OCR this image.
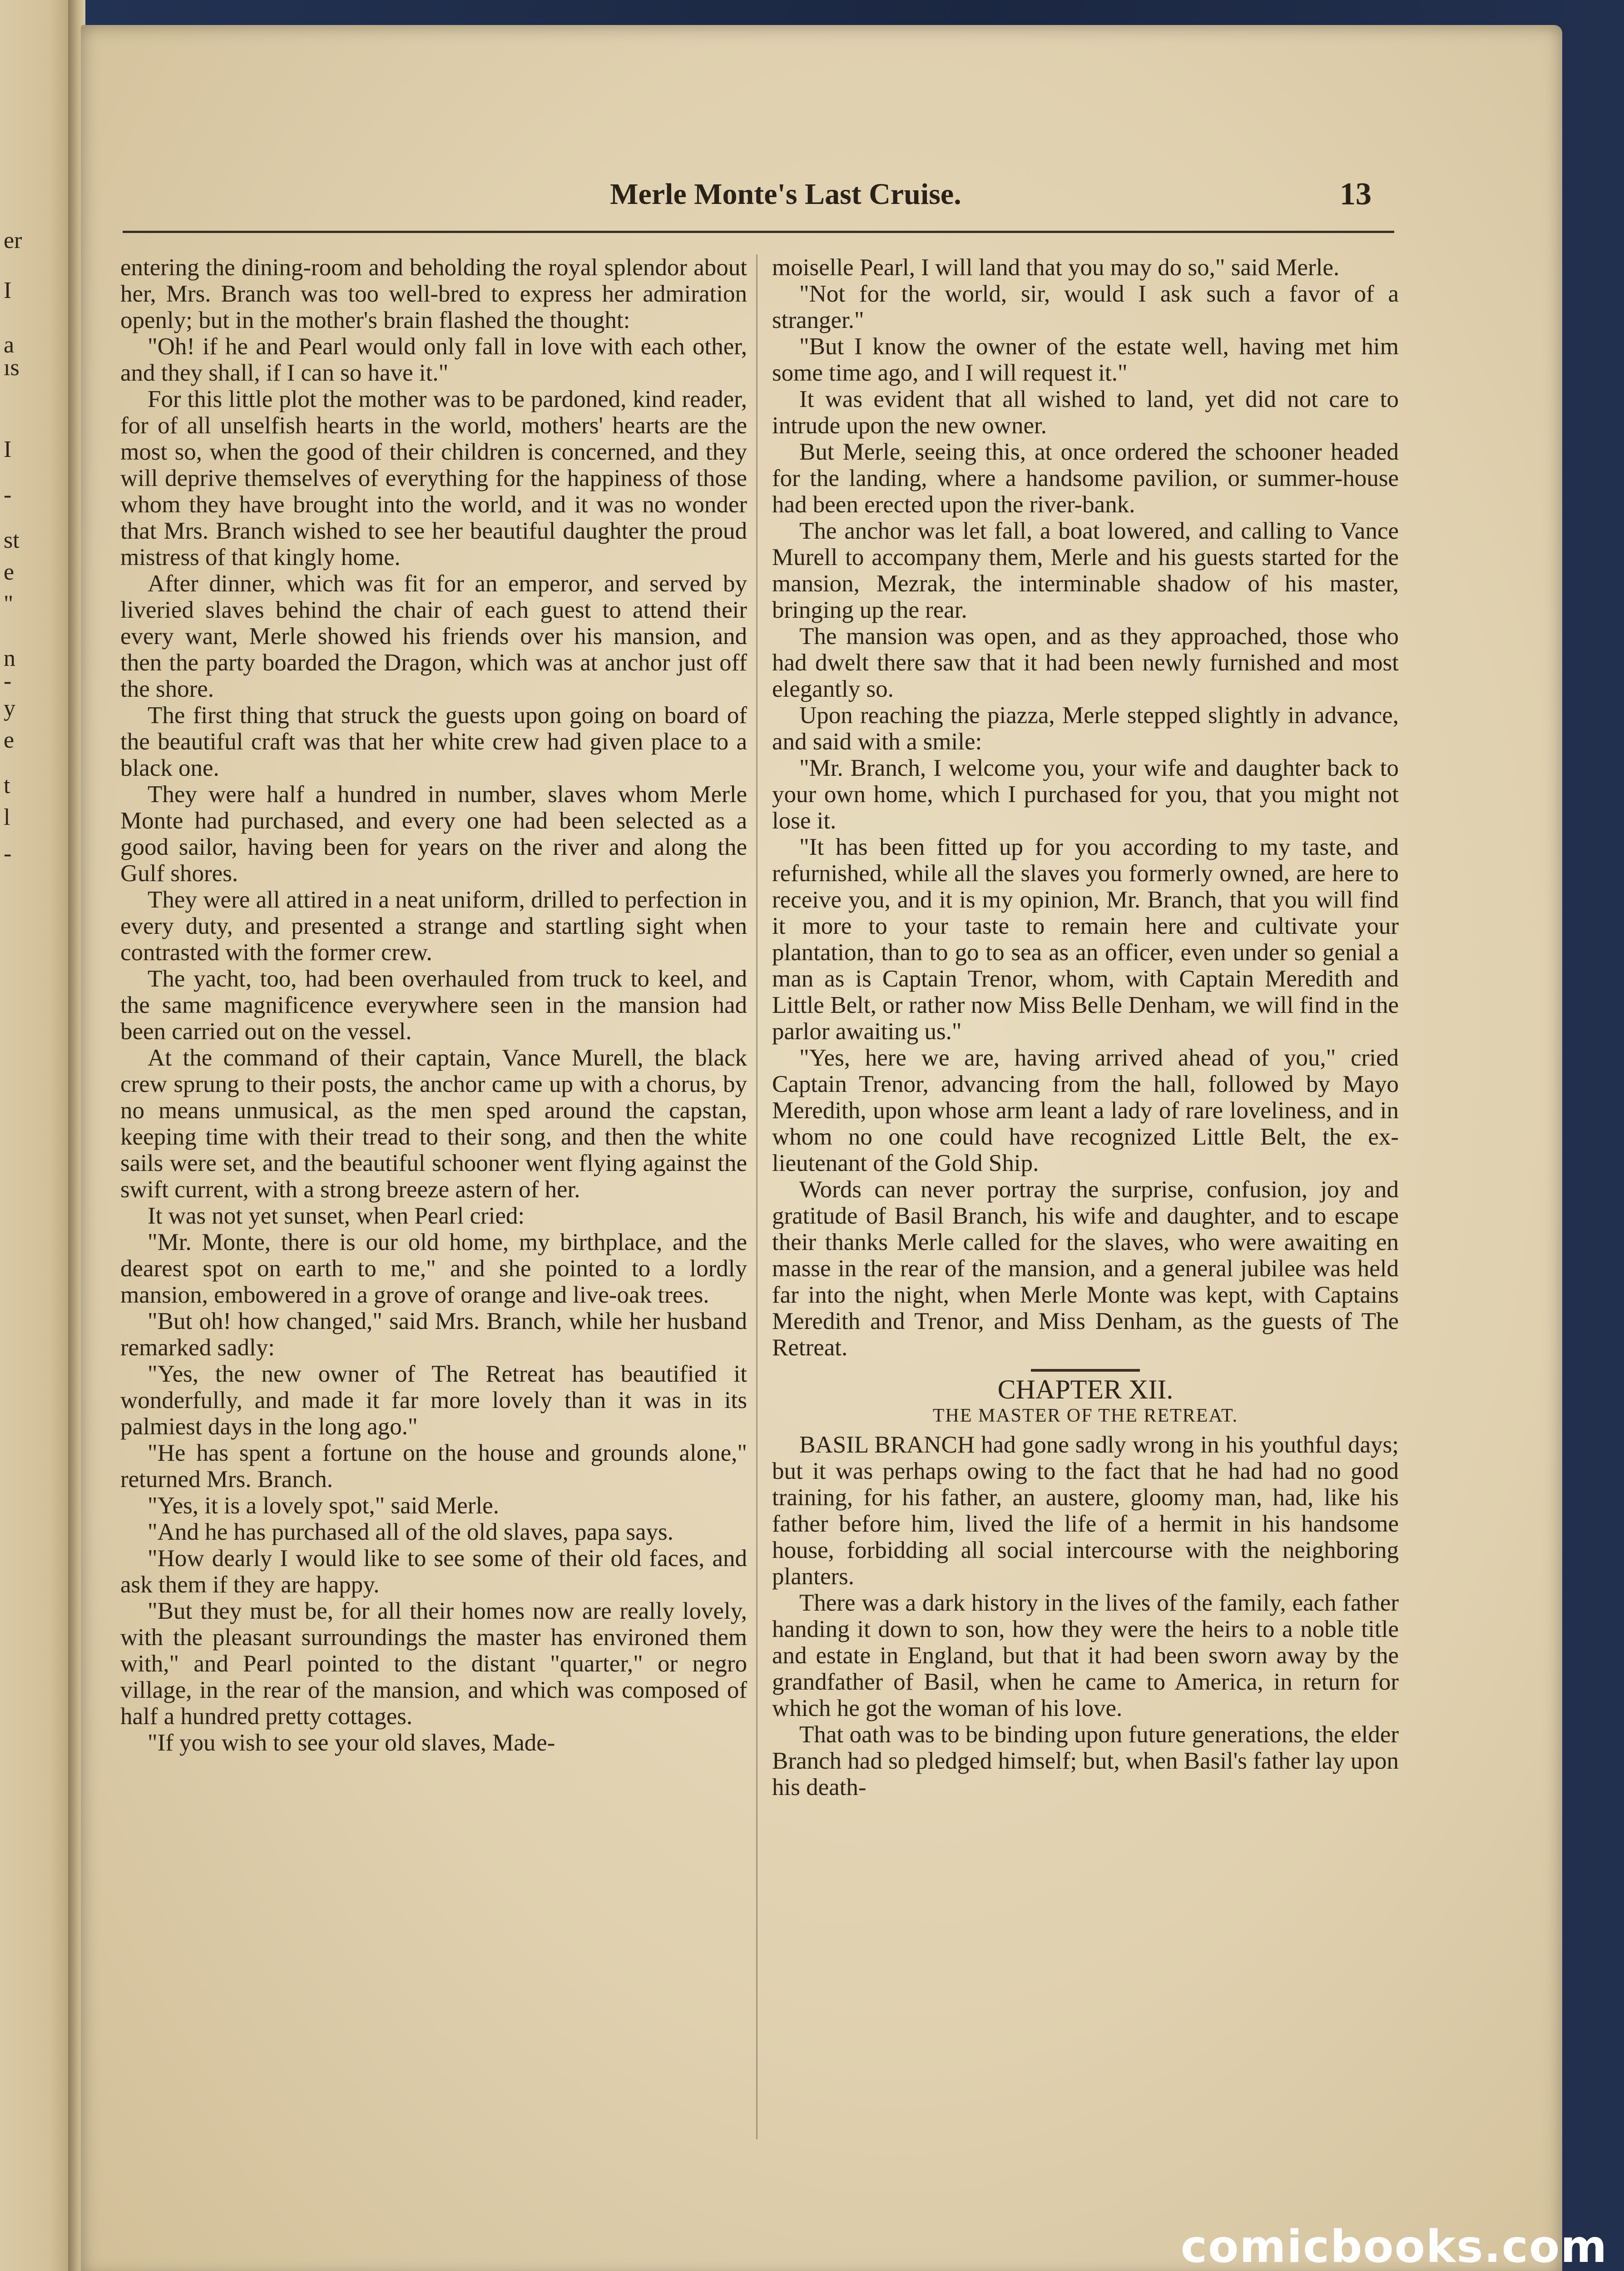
er
I
a
ıs
I
-
st
e
"
n
-
y
e
t
l
-
Merle Monte's Last Cruise.	13

entering the dining-room and beholding the royal splendor about her, Mrs. Branch was too well-bred to express her admiration openly; but in the mother's brain flashed the thought:

"Oh! if he and Pearl would only fall in love with each other, and they shall, if I can so have it."

For this little plot the mother was to be pardoned, kind reader, for of all unselfish hearts in the world, mothers' hearts are the most so, when the good of their children is concerned, and they will deprive themselves of everything for the happiness of those whom they have brought into the world, and it was no wonder that Mrs. Branch wished to see her beautiful daughter the proud mistress of that kingly home.

After dinner, which was fit for an emperor, and served by liveried slaves behind the chair of each guest to attend their every want, Merle showed his friends over his mansion, and then the party boarded the Dragon, which was at anchor just off the shore.

The first thing that struck the guests upon going on board of the beautiful craft was that her white crew had given place to a black one.

They were half a hundred in number, slaves whom Merle Monte had purchased, and every one had been selected as a good sailor, having been for years on the river and along the Gulf shores.

They were all attired in a neat uniform, drilled to perfection in every duty, and presented a strange and startling sight when contrasted with the former crew.

The yacht, too, had been overhauled from truck to keel, and the same magnificence everywhere seen in the mansion had been carried out on the vessel.

At the command of their captain, Vance Murell, the black crew sprung to their posts, the anchor came up with a chorus, by no means unmusical, as the men sped around the capstan, keeping time with their tread to their song, and then the white sails were set, and the beautiful schooner went flying against the swift current, with a strong breeze astern of her.

It was not yet sunset, when Pearl cried:

"Mr. Monte, there is our old home, my birthplace, and the dearest spot on earth to me," and she pointed to a lordly mansion, embowered in a grove of orange and live-oak trees.

"But oh! how changed," said Mrs. Branch, while her husband remarked sadly:

"Yes, the new owner of The Retreat has beautified it wonderfully, and made it far more lovely than it was in its palmiest days in the long ago."

"He has spent a fortune on the house and grounds alone," returned Mrs. Branch.

"Yes, it is a lovely spot," said Merle.

"And he has purchased all of the old slaves, papa says.

"How dearly I would like to see some of their old faces, and ask them if they are happy.

"But they must be, for all their homes now are really lovely, with the pleasant surroundings the master has environed them with," and Pearl pointed to the distant "quarter," or negro village, in the rear of the mansion, and which was composed of half a hundred pretty cottages.

"If you wish to see your old slaves, Made-

moiselle Pearl, I will land that you may do so," said Merle.

"Not for the world, sir, would I ask such a favor of a stranger."

"But I know the owner of the estate well, having met him some time ago, and I will request it."

It was evident that all wished to land, yet did not care to intrude upon the new owner.

But Merle, seeing this, at once ordered the schooner headed for the landing, where a handsome pavilion, or summer-house had been erected upon the river-bank.

The anchor was let fall, a boat lowered, and calling to Vance Murell to accompany them, Merle and his guests started for the mansion, Mezrak, the interminable shadow of his master, bringing up the rear.

The mansion was open, and as they approached, those who had dwelt there saw that it had been newly furnished and most elegantly so.

Upon reaching the piazza, Merle stepped slightly in advance, and said with a smile:

"Mr. Branch, I welcome you, your wife and daughter back to your own home, which I purchased for you, that you might not lose it.

"It has been fitted up for you according to my taste, and refurnished, while all the slaves you formerly owned, are here to receive you, and it is my opinion, Mr. Branch, that you will find it more to your taste to remain here and cultivate your plantation, than to go to sea as an officer, even under so genial a man as is Captain Trenor, whom, with Captain Meredith and Little Belt, or rather now Miss Belle Denham, we will find in the parlor awaiting us."

"Yes, here we are, having arrived ahead of you," cried Captain Trenor, advancing from the hall, followed by Mayo Meredith, upon whose arm leant a lady of rare loveliness, and in whom no one could have recognized Little Belt, the ex-lieutenant of the Gold Ship.

Words can never portray the surprise, confusion, joy and gratitude of Basil Branch, his wife and daughter, and to escape their thanks Merle called for the slaves, who were awaiting en masse in the rear of the mansion, and a general jubilee was held far into the night, when Merle Monte was kept, with Captains Meredith and Trenor, and Miss Denham, as the guests of The Retreat.

CHAPTER XII.
THE MASTER OF THE RETREAT.

BASIL BRANCH had gone sadly wrong in his youthful days; but it was perhaps owing to the fact that he had had no good training, for his father, an austere, gloomy man, had, like his father before him, lived the life of a hermit in his handsome house, forbidding all social intercourse with the neighboring planters.

There was a dark history in the lives of the family, each father handing it down to son, how they were the heirs to a noble title and estate in England, but that it had been sworn away by the grandfather of Basil, when he came to America, in return for which he got the woman of his love.

That oath was to be binding upon future generations, the elder Branch had so pledged himself; but, when Basil's father lay upon his death-

comicbooks.com
